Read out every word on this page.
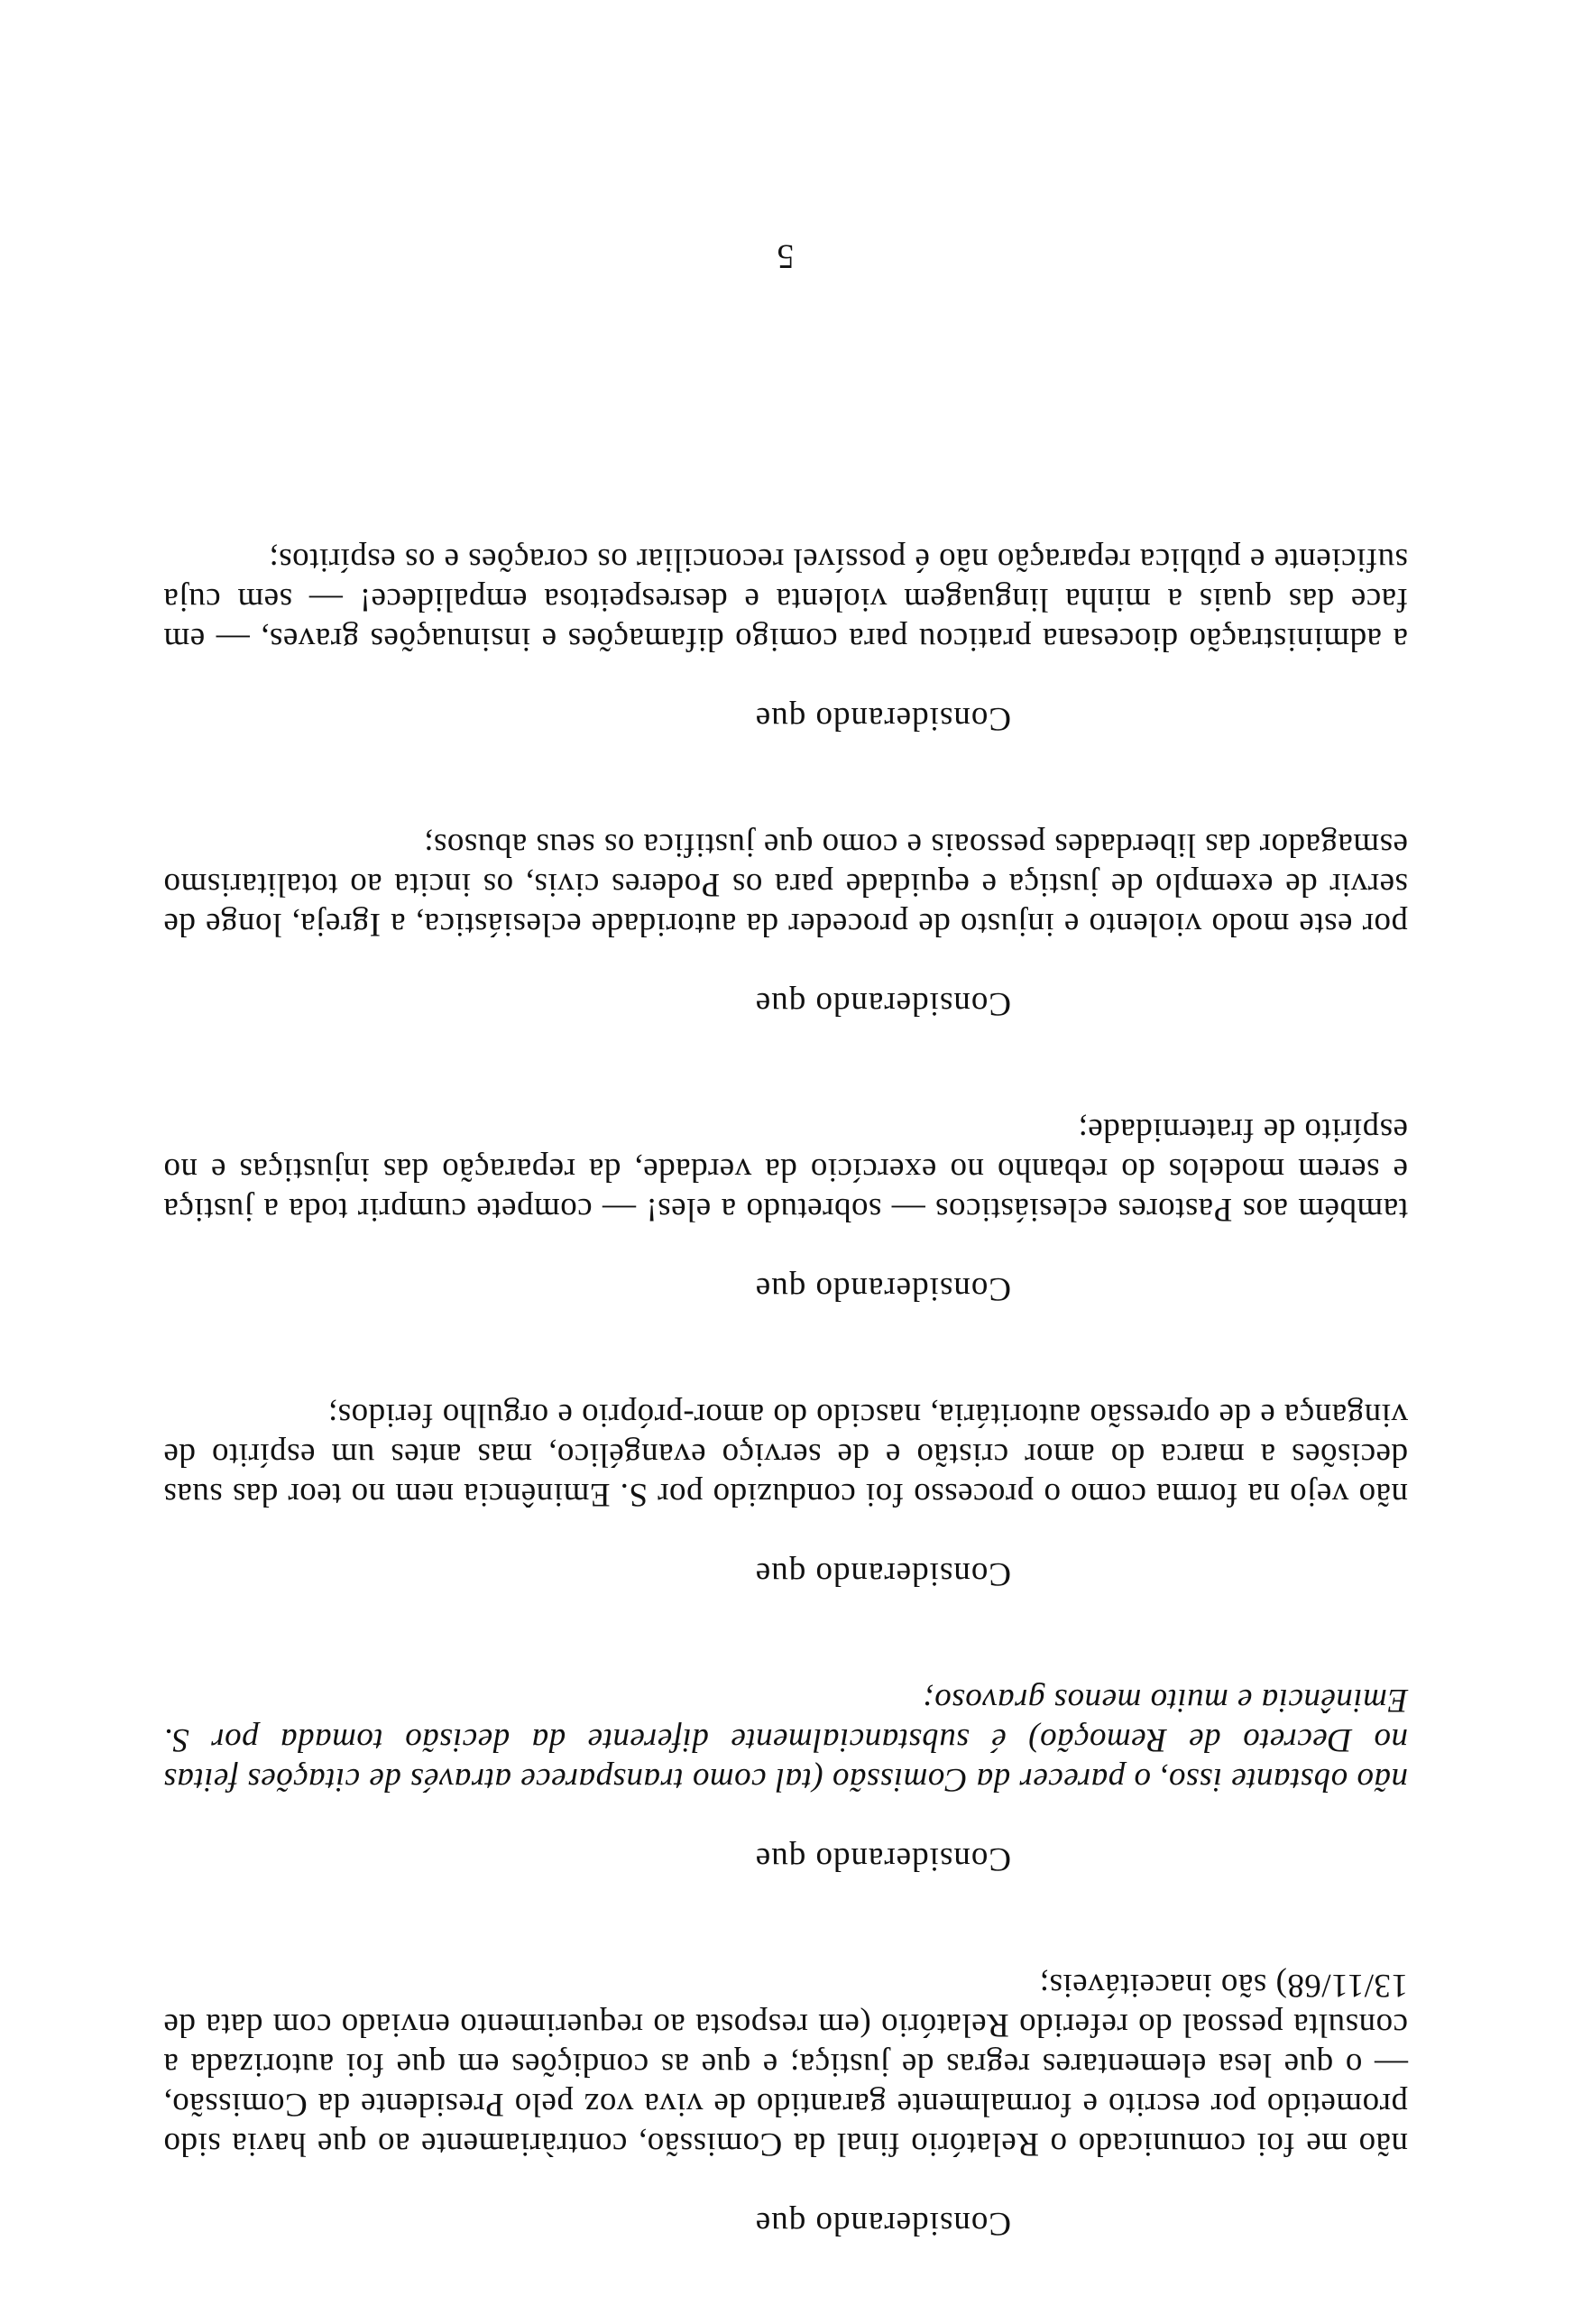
Considerando que

não me foi comunicado o Relatório final da Comissão, contràriamente ao que havia sido prometido por escrito e formalmente garantido de viva voz pelo Presidente da Comissão, — o que lesa elementares regras de justiça; e que as condições em que foi autorizada a consulta pessoal do referido Relatório (em resposta ao requerimento enviado com data de 13/11/68) são inaceitáveis;

Considerando que

não obstante isso, o parecer da Comissão (tal como transparece através de citações feitas no Decreto de Remoção) é substancialmente diferente da decisão tomada por S. Eminência e muito menos gravoso;

Considerando que

não vejo na forma como o processo foi conduzido por S. Eminência nem no teor das suas decisões a marca do amor cristão e de serviço evangélico, mas antes um espírito de vingança e de opressão autoritária, nascido do amor-próprio e orgulho feridos;

Considerando que

também aos Pastores eclesiásticos — sobretudo a eles! — compete cumprir toda a justiça e serem modelos do rebanho no exercício da verdade, da reparação das injustiças e no espírito de fraternidade;

Considerando que

por este modo violento e injusto de proceder da autoridade eclesiástica, a Igreja, longe de servir de exemplo de justiça e equidade para os Poderes civis, os incita ao totalitarismo esmagador das liberdades pessoais e como que justifica os seus abusos;

Considerando que

a administração diocesana praticou para comigo difamações e insinuações graves, — em face das quais a minha linguagem violenta e desrespeitosa empalidece! — sem cuja suficiente e pública reparação não é possível reconciliar os corações e os espíritos;

5
